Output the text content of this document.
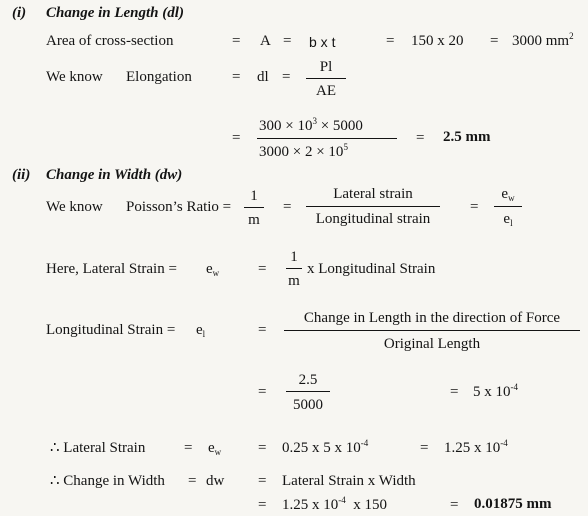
(i) Change in Length (dl)
Area of cross-section	= A = b x t	= 150 x 20 = 3000 $mm^2$
We know Elongation	= dl =
Pl
AE
=
$300 \times 10^3 \times 5000$
$3000 \times 2 \times 10^5$
= 2.5 mm
(ii) Change in Width (dw)
We know Poisson’s Ratio =
1
m
=
Lateral strain
Longitudinal strain
=
$e_w$
$e_l$
Here, Lateral Strain = $e_w$	=
1
m
x Longitudinal Strain
Longitudinal Strain = $e_l$	=
Change in Length in the direction of Force
Original Length
=
2.5
5000
= 5 x $10^{-4}$
∴ Lateral Strain	= $e_w = 0.25$ x 5 x $10^{-4}$	= 1.25 x $10^{-4}$
∴ Change in Width = dw = Lateral Strain x Width
= 1.25 x $10^{-4}$ x 150	= 0.01875 mm
